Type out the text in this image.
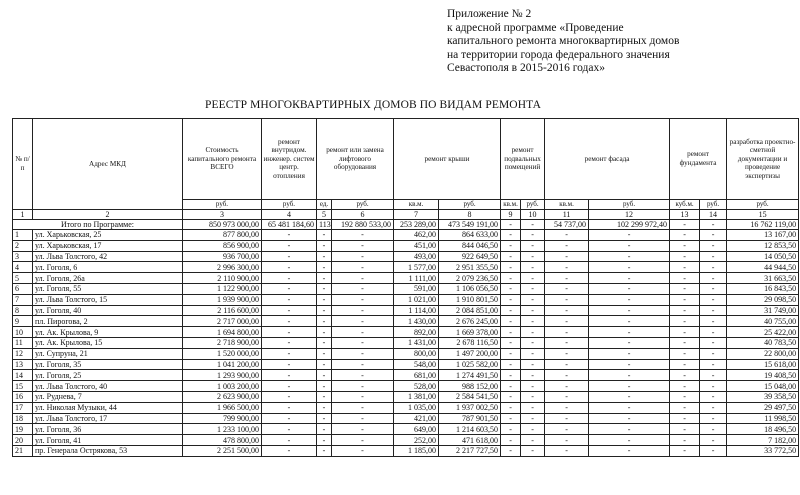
Приложение № 2
к адресной программе «Проведение
капитального ремонта многоквартирных домов
на территории города федерального значения
Севастополя в 2015-2016 годах»
РЕЕСТР МНОГОКВАРТИРНЫХ ДОМОВ ПО ВИДАМ РЕМОНТА
№ п/п	Адрес МКД	Стоимость капитального ремонта ВСЕГО	ремонт внутридом. инженер. систем центр. отопления	ремонт или замена лифтового оборудования		ремонт крыши		ремонт подвальных помещений		ремонт фасада		ремонт фундамента		разработка проектно-сметной документации и проведение экспертизы
		руб.	руб.	ед.	руб.	кв.м.	руб.	кв.м.	руб.	кв.м.	руб.	куб.м.	руб.	руб.
1	2	3	4	5	6	7	8	9	10	11	12	13	14	15
Итого по Программе:		850 973 000,00	65 481 184,60	113	192 880 533,00	253 289,00	473 549 191,00	-	-	54 737,00	102 299 972,40	-	-	16 762 119,00
1	ул. Харьковская, 25	877 800,00	-	-	-	462,00	864 633,00	-	-	-	-	-	-	13 167,00
2	ул. Харьковская, 17	856 900,00	-	-	-	451,00	844 046,50	-	-	-	-	-	-	12 853,50
3	ул. Льва Толстого, 42	936 700,00	-	-	-	493,00	922 649,50	-	-	-	-	-	-	14 050,50
4	ул. Гоголя, 6	2 996 300,00	-	-	-	1 577,00	2 951 355,50	-	-	-	-	-	-	44 944,50
5	ул. Гоголя, 26а	2 110 900,00	-	-	-	1 111,00	2 079 236,50	-	-	-	-	-	-	31 663,50
6	ул. Гоголя, 55	1 122 900,00	-	-	-	591,00	1 106 056,50	-	-	-	-	-	-	16 843,50
7	ул. Льва Толстого, 15	1 939 900,00	-	-	-	1 021,00	1 910 801,50	-	-	-	-	-	-	29 098,50
8	ул. Гоголя, 40	2 116 600,00	-	-	-	1 114,00	2 084 851,00	-	-	-	-	-	-	31 749,00
9	пл. Пирогова, 2	2 717 000,00	-	-	-	1 430,00	2 676 245,00	-	-	-	-	-	-	40 755,00
10	ул. Ак. Крылова, 9	1 694 800,00	-	-	-	892,00	1 669 378,00	-	-	-	-	-	-	25 422,00
11	ул. Ак. Крылова, 15	2 718 900,00	-	-	-	1 431,00	2 678 116,50	-	-	-	-	-	-	40 783,50
12	ул. Супруна, 21	1 520 000,00	-	-	-	800,00	1 497 200,00	-	-	-	-	-	-	22 800,00
13	ул. Гоголя, 35	1 041 200,00	-	-	-	548,00	1 025 582,00	-	-	-	-	-	-	15 618,00
14	ул. Гоголя, 25	1 293 900,00	-	-	-	681,00	1 274 491,50	-	-	-	-	-	-	19 408,50
15	ул. Льва Толстого, 40	1 003 200,00	-	-	-	528,00	988 152,00	-	-	-	-	-	-	15 048,00
16	ул. Руднева, 7	2 623 900,00	-	-	-	1 381,00	2 584 541,50	-	-	-	-	-	-	39 358,50
17	ул. Николая Музыки, 44	1 966 500,00	-	-	-	1 035,00	1 937 002,50	-	-	-	-	-	-	29 497,50
18	ул. Льва Толстого, 17	799 900,00	-	-	-	421,00	787 901,50	-	-	-	-	-	-	11 998,50
19	ул. Гоголя, 36	1 233 100,00	-	-	-	649,00	1 214 603,50	-	-	-	-	-	-	18 496,50
20	ул. Гоголя, 41	478 800,00	-	-	-	252,00	471 618,00	-	-	-	-	-	-	7 182,00
21	пр. Генерала Острякова, 53	2 251 500,00	-	-	-	1 185,00	2 217 727,50	-	-	-	-	-	-	33 772,50
